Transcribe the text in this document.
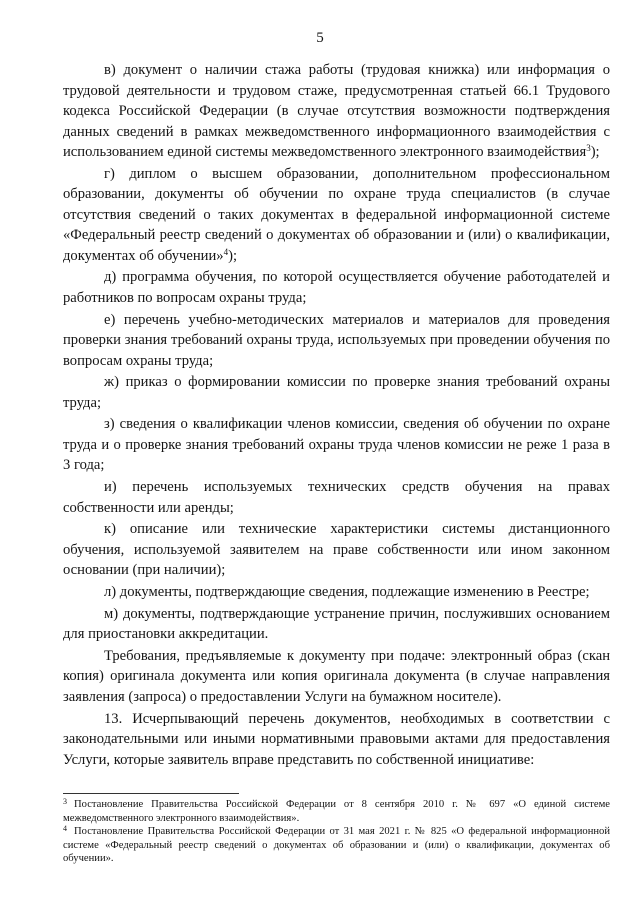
5

в) документ о наличии стажа работы (трудовая книжка) или информация о трудовой деятельности и трудовом стаже, предусмотренная статьей 66.1 Трудового кодекса Российской Федерации (в случае отсутствия возможности подтверждения данных сведений в рамках межведомственного информационного взаимодействия с использованием единой системы межведомственного электронного взаимодействия$^3$);

г) диплом о высшем образовании, дополнительном профессиональном образовании, документы об обучении по охране труда специалистов (в случае отсутствия сведений о таких документах в федеральной информационной системе «Федеральный реестр сведений о документах об образовании и (или) о квалификации, документах об обучении»$^4$);

д) программа обучения, по которой осуществляется обучение работодателей и работников по вопросам охраны труда;

е) перечень учебно-методических материалов и материалов для проведения проверки знания требований охраны труда, используемых при проведении обучения по вопросам охраны труда;

ж) приказ о формировании комиссии по проверке знания требований охраны труда;

з) сведения о квалификации членов комиссии, сведения об обучении по охране труда и о проверке знания требований охраны труда членов комиссии не реже 1 раза в 3 года;

и) перечень используемых технических средств обучения на правах собственности или аренды;

к) описание или технические характеристики системы дистанционного обучения, используемой заявителем на праве собственности или ином законном основании (при наличии);

л) документы, подтверждающие сведения, подлежащие изменению в Реестре;

м) документы, подтверждающие устранение причин, послуживших основанием для приостановки аккредитации.

Требования, предъявляемые к документу при подаче: электронный образ (скан копия) оригинала документа или копия оригинала документа (в случае направления заявления (запроса) о предоставлении Услуги на бумажном носителе).

13. Исчерпывающий перечень документов, необходимых в соответствии с законодательными или иными нормативными правовыми актами для предоставления Услуги, которые заявитель вправе представить по собственной инициативе:

$^3$ Постановление Правительства Российской Федерации от 8 сентября 2010 г. № 697 «О единой системе межведомственного электронного взаимодействия».

$^4$ Постановление Правительства Российской Федерации от 31 мая 2021 г. № 825 «О федеральной информационной системе «Федеральный реестр сведений о документах об образовании и (или) о квалификации, документах об обучении».
